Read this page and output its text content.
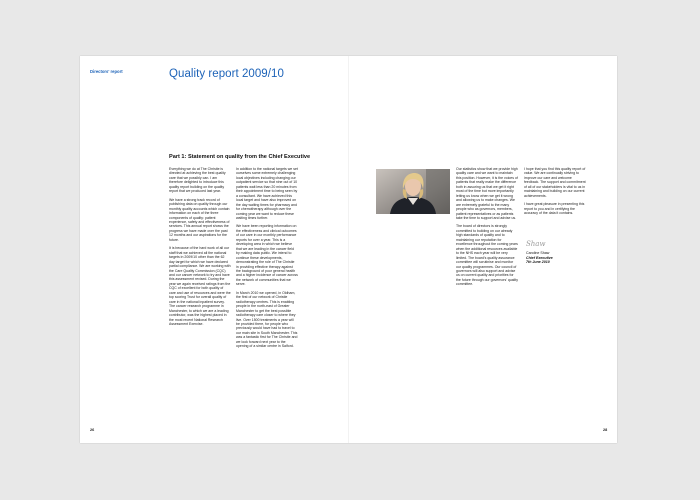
Directors' report	Quality report 2009/10
Part 1: Statement on quality from the Chief Executive

Everything we do at The Christie is directed at achieving the best quality care that we possibly can. I am therefore delighted to introduce this quality report building on the quality report that we produced last year.

We have a strong track record of publishing data on quality through our monthly quality accounts which contain information on each of the three components of quality: patient experience, safety and effectiveness of services. This annual report shows the progress we have made over the past 12 months and our aspirations for the future.

It is because of the hard work of all our staff that we achieved all the national targets in 2009/10 other than the 62 day target for which we have declared partial compliance. We are working with the Care Quality Commission (CQC) and our cancer network to try and have this assessment revised. During the year we again received ratings from the CQC of excellent for both quality of care and use of resources and were the top scoring Trust for overall quality of care in the national inpatient survey. The cancer research programme in Manchester, to which we are a leading contributor, was the highest placed in the most recent National Research Assessment Exercise.

In addition to the national targets we set ourselves some extremely challenging local objectives including changing our outpatient service so that nine out of 10 patients wait less than 20 minutes from their appointment time to being seen by a consultant. We have achieved this local target and have also improved on the day waiting times for pharmacy and for chemotherapy although over the coming year we want to reduce these waiting times further.

We have been reporting information on the effectiveness and clinical outcomes of our care in our monthly performance reports for over a year. This is a developing area in which we believe that we are leading in the cancer field by making data public. We intend to continue these developments, demonstrating the role of The Christie in providing effective therapy against the background of poor general health and a higher incidence of cancer across the network of communities that we serve.

In March 2010 we opened, in Oldham, the first of our network of Christie radiotherapy centres. This is enabling people in the north-east of Greater Manchester to get the best possible radiotherapy care closer to where they live. Over 1500 treatments a year will be provided there, for people who previously would have had to travel to our main site in South Manchester. This was a fantastic first for The Christie and we look forward next year to the opening of a similar centre in Salford.

Our statistics show that we provide high quality care and we want to maintain this position. However, it is the voices of patients that really make the difference both in assuring us that we get it right most of the time but more importantly letting us know when we get it wrong and allowing us to make changes. We are extremely grateful to the many people who as governors, members, patient representatives or as patients take the time to support and advise us.

The board of directors is strongly committed to building on our already high standards of quality and to maintaining our reputation for excellence throughout the coming years when the additional resources available to the NHS each year will be very limited. The board's quality assurance committee will scrutinise and monitor our quality programmes. Our council of governors will also support and advise us on current quality and priorities for the future through our governors' quality committee.

I hope that you find this quality report of value. We are continually striving to improve our care and welcome feedback. The support and commitment of all of our stakeholders is vital to us in maintaining and building on our current achievements.

I have great pleasure in presenting this report to you and in certifying the accuracy of the data it contains.

Shaw
Caroline Shaw
Chief Executive
7th June 2010
26	28
